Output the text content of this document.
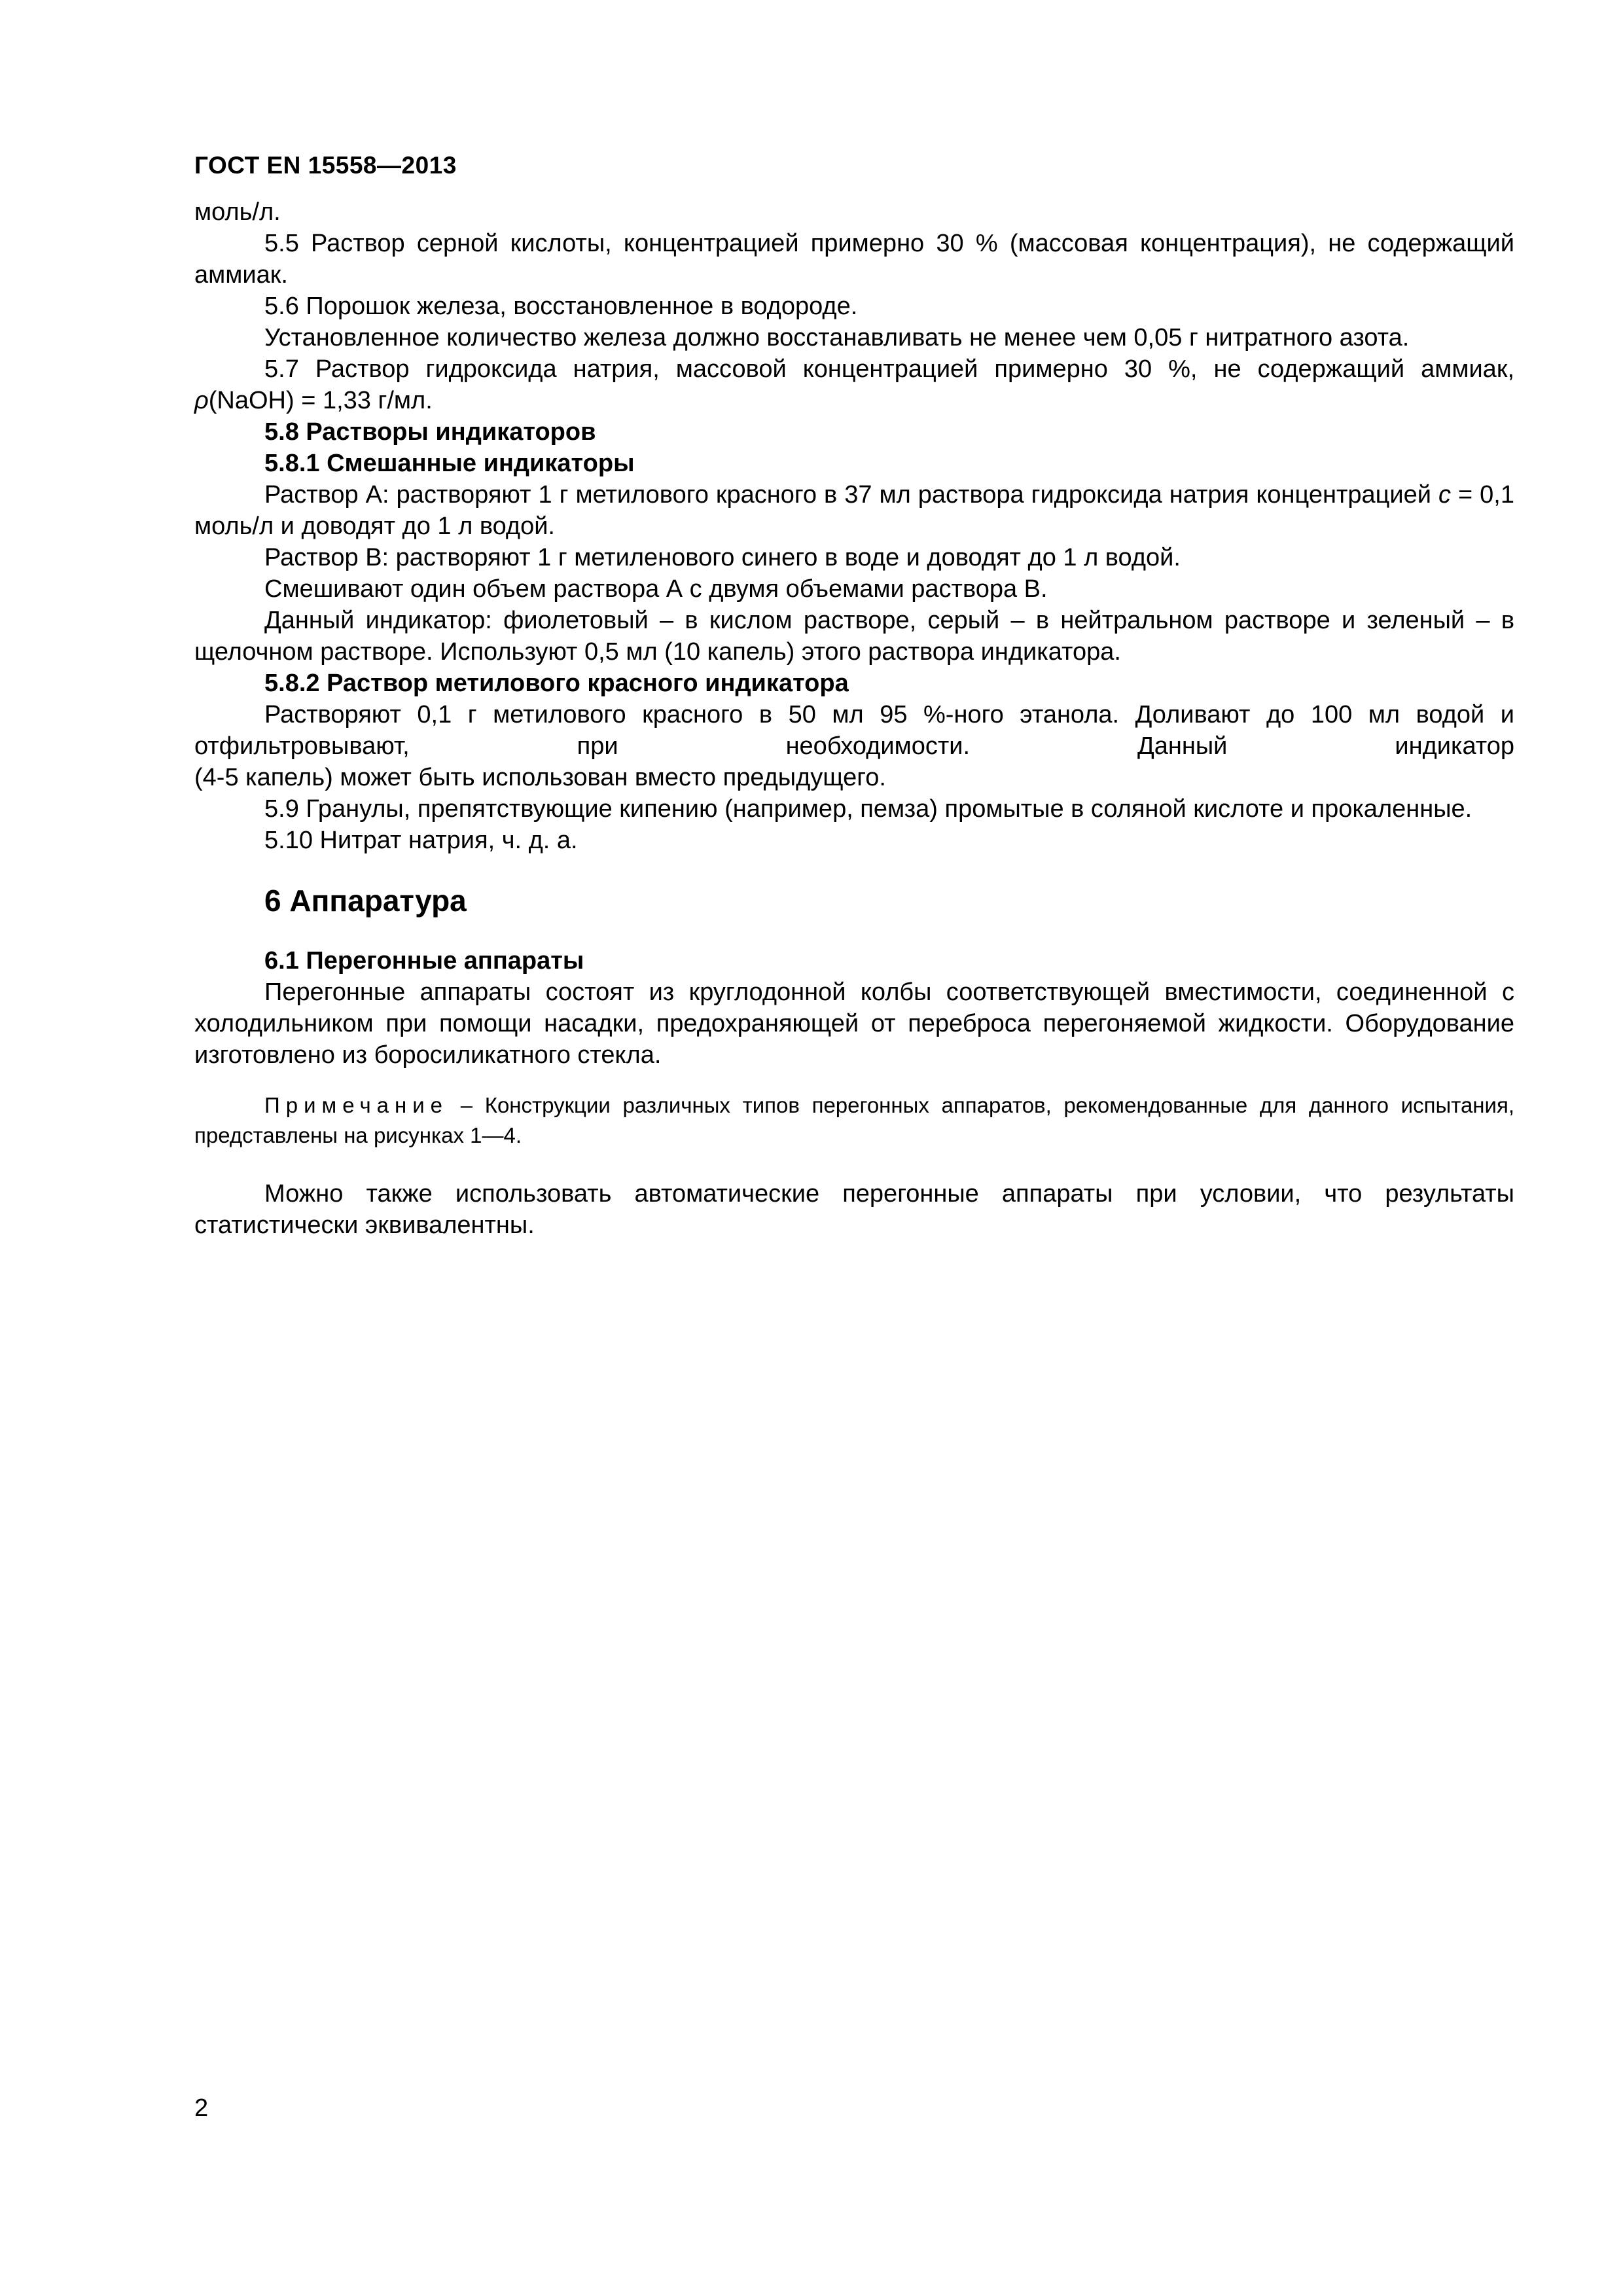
ГОСТ EN 15558—2013

моль/л.

5.5 Раствор серной кислоты, концентрацией примерно 30 % (массовая концентрация), не содержащий аммиак.

5.6 Порошок железа, восстановленное в водороде.

Установленное количество железа должно восстанавливать не менее чем 0,05 г нитратного азота.

5.7 Раствор гидроксида натрия, массовой концентрацией примерно 30 %, не содержащий аммиак, ρ(NaOH) = 1,33 г/мл.

5.8 Растворы индикаторов

5.8.1 Смешанные индикаторы

Раствор А: растворяют 1 г метилового красного в 37 мл раствора гидроксида натрия концентрацией c = 0,1 моль/л и доводят до 1 л водой.

Раствор В: растворяют 1 г метиленового синего в воде и доводят до 1 л водой.

Смешивают один объем раствора А с двумя объемами раствора В.

Данный индикатор: фиолетовый – в кислом растворе, серый – в нейтральном растворе и зеленый – в щелочном растворе. Используют 0,5 мл (10 капель) этого раствора индикатора.

5.8.2 Раствор метилового красного индикатора

Растворяют 0,1 г метилового красного в 50 мл 95 %-ного этанола. Доливают до 100 мл водой и отфильтровывают, при необходимости. Данный индикатор

(4-5 капель) может быть использован вместо предыдущего.

5.9 Гранулы, препятствующие кипению (например, пемза) промытые в соляной кислоте и прокаленные.

5.10 Нитрат натрия, ч. д. а.

6 Аппаратура

6.1 Перегонные аппараты

Перегонные аппараты состоят из круглодонной колбы соответствующей вместимости, соединенной с холодильником при помощи насадки, предохраняющей от переброса перегоняемой жидкости. Оборудование изготовлено из боросиликатного стекла.

Примечание – Конструкции различных типов перегонных аппаратов, рекомендованные для данного испытания, представлены на рисунках 1—4.

Можно также использовать автоматические перегонные аппараты при условии, что результаты статистически эквивалентны.

2
